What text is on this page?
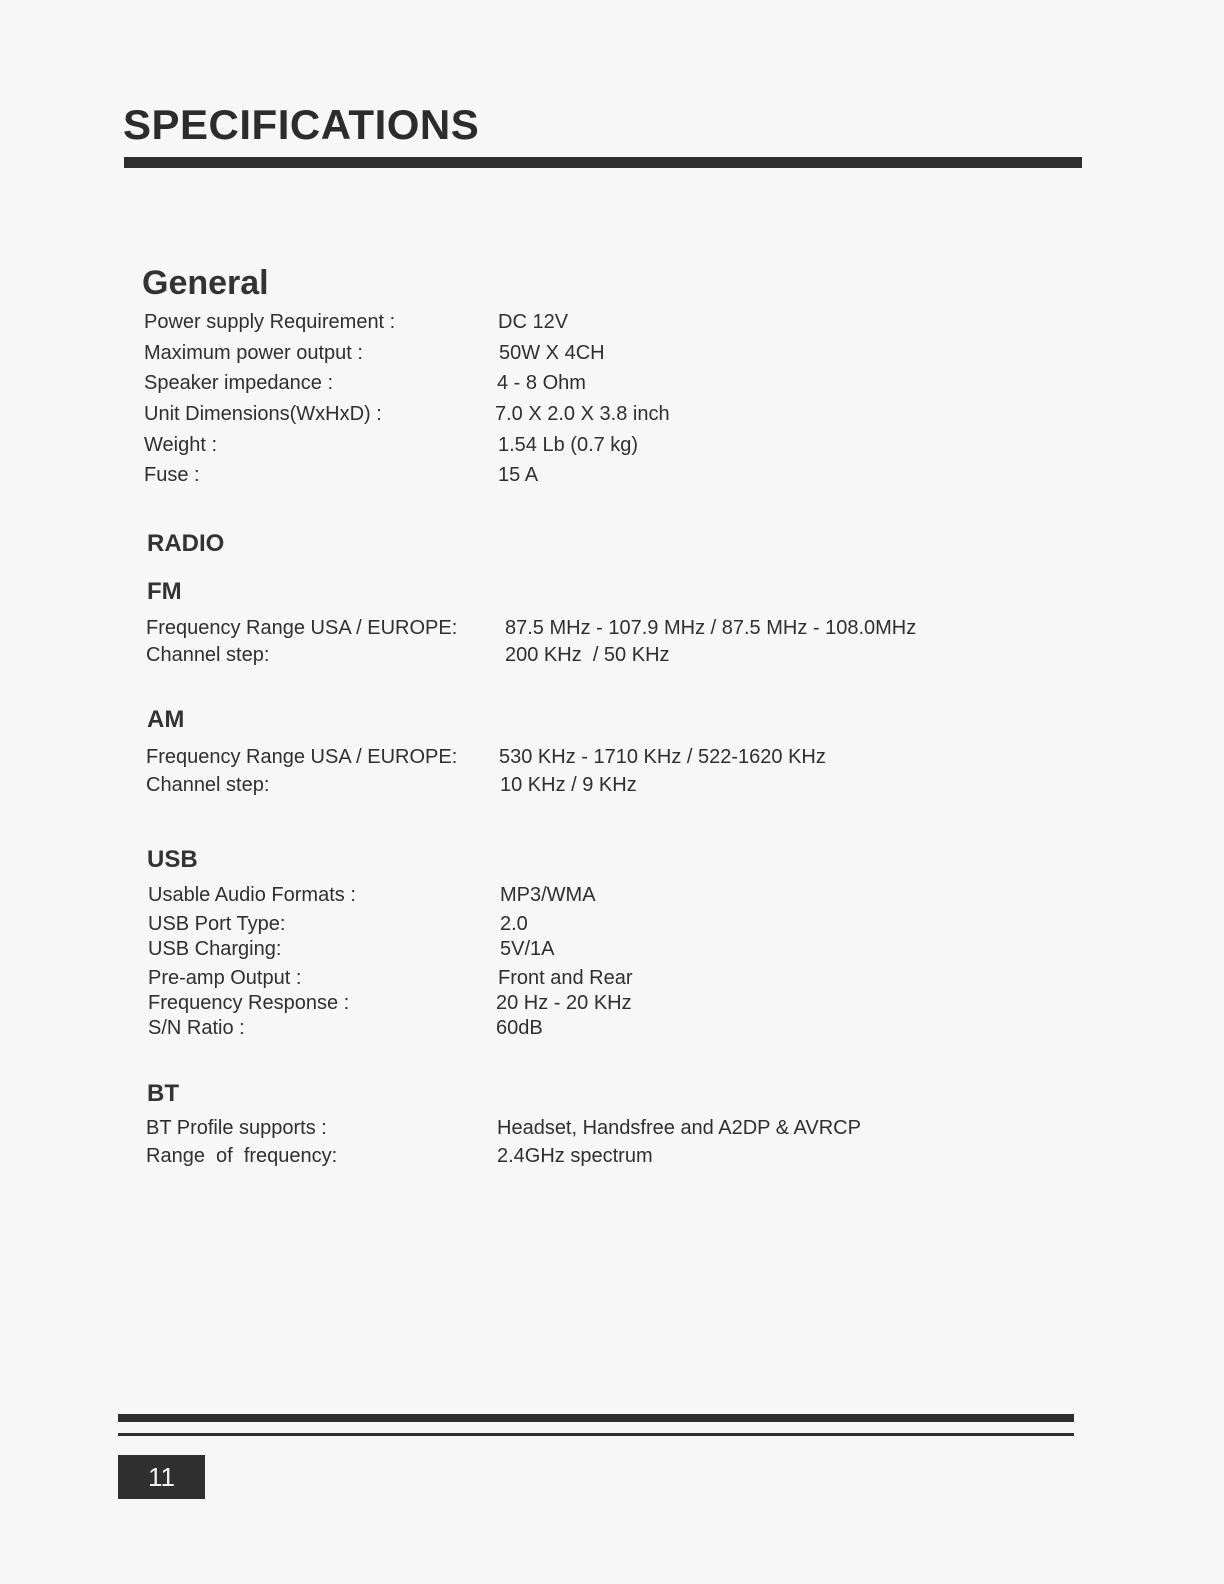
SPECIFICATIONS
General
Power supply Requirement :	DC 12V
Maximum power output :	50W X 4CH
Speaker impedance :	4 - 8 Ohm
Unit Dimensions(WxHxD) :	7.0 X 2.0 X 3.8 inch
Weight :	1.54 Lb (0.7 kg)
Fuse :	15 A
RADIO
FM
Frequency Range USA / EUROPE: 87.5 MHz - 107.9 MHz / 87.5 MHz - 108.0MHz
Channel step:	200 KHz  / 50 KHz
AM
Frequency Range USA / EUROPE: 530 KHz - 1710 KHz / 522-1620 KHz
Channel step:	10 KHz / 9 KHz
USB
Usable Audio Formats :	MP3/WMA
USB Port Type:	2.0
USB Charging:	5V/1A
Pre-amp Output :	Front and Rear
Frequency Response :	20 Hz - 20 KHz
S/N Ratio :	60dB
BT
BT Profile supports :	Headset, Handsfree and A2DP & AVRCP
Range  of  frequency:	2.4GHz spectrum
11
